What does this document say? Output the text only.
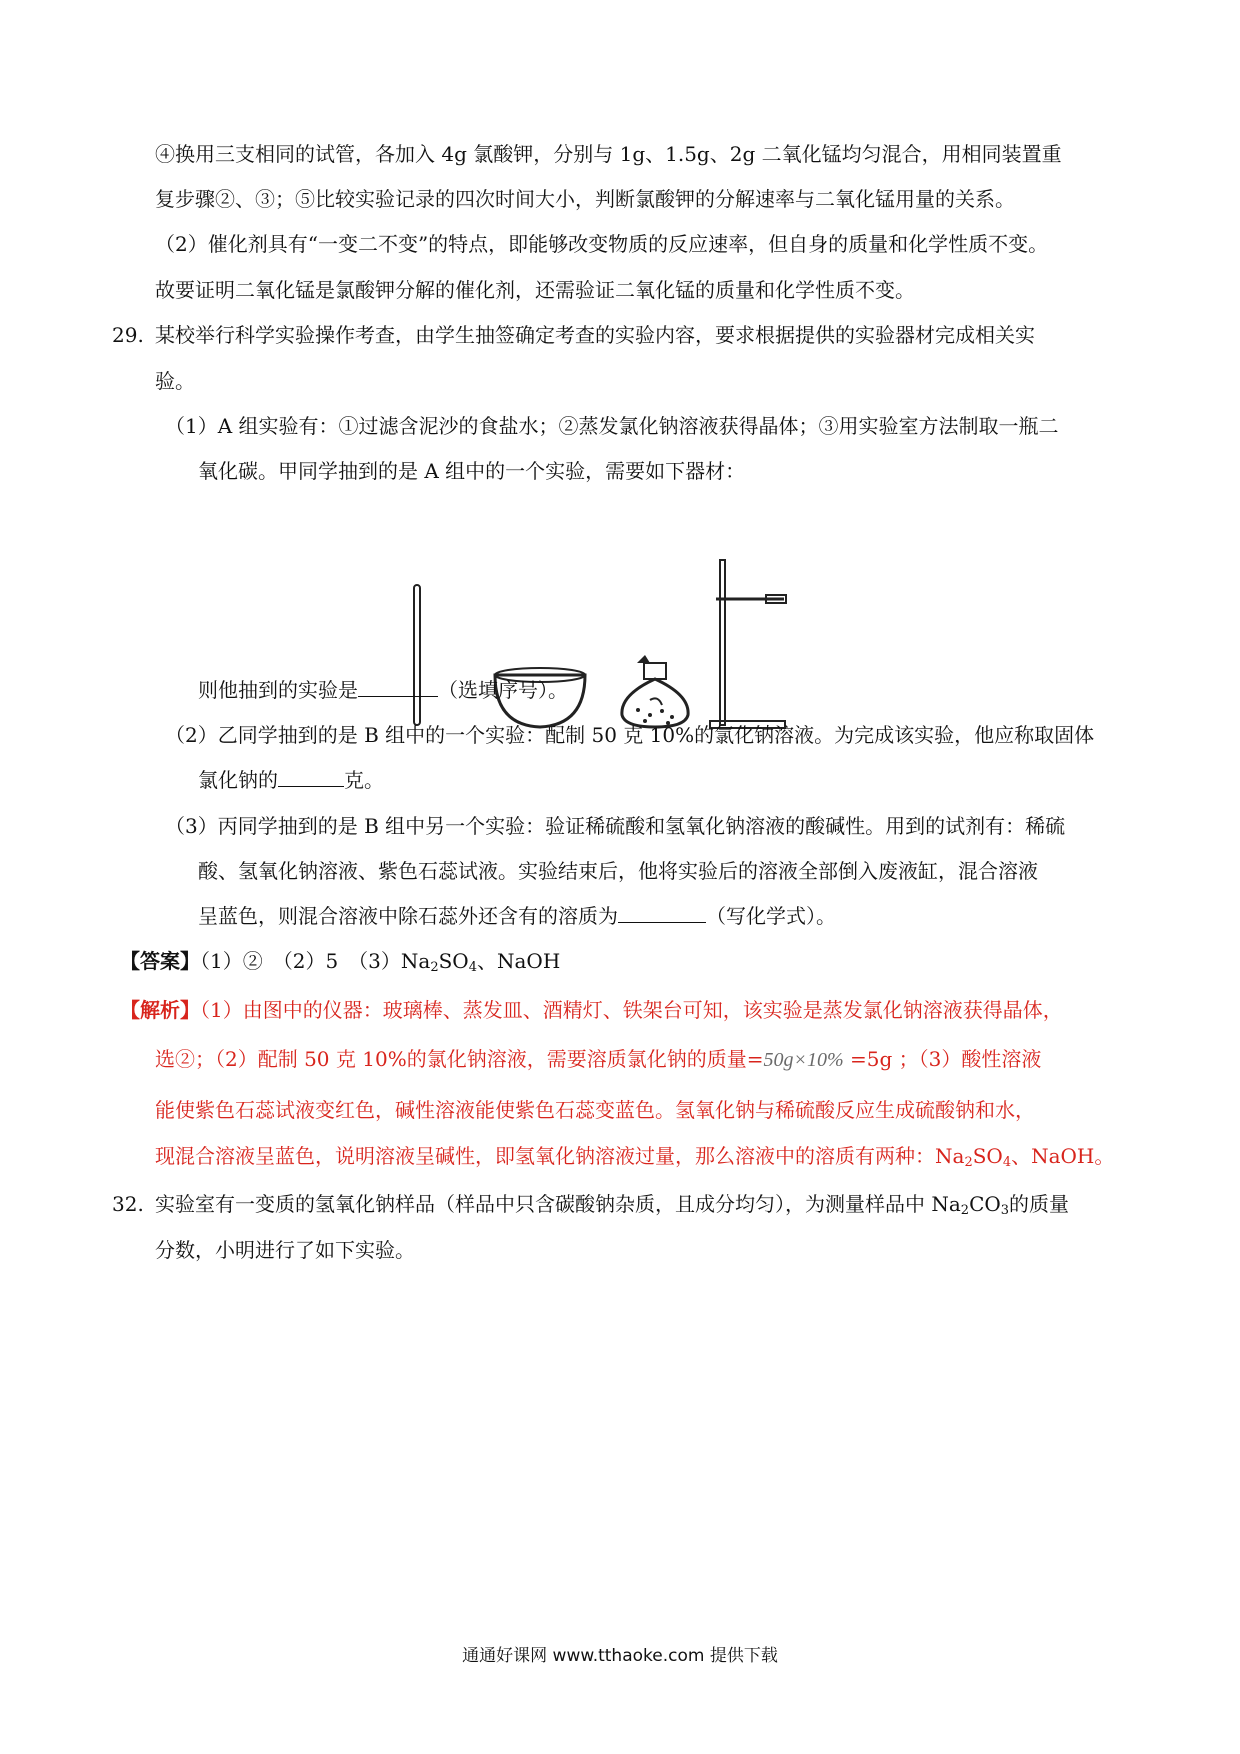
④换用三支相同的试管，各加入 4g 氯酸钾，分别与 1g、1.5g、2g 二氧化锰均匀混合，用相同装置重
复步骤②、③；⑤比较实验记录的四次时间大小，判断氯酸钾的分解速率与二氧化锰用量的关系。
（2）催化剂具有“一变二不变”的特点，即能够改变物质的反应速率，但自身的质量和化学性质不变。
故要证明二氧化锰是氯酸钾分解的催化剂，还需验证二氧化锰的质量和化学性质不变。
29. 某校举行科学实验操作考查，由学生抽签确定考查的实验内容，要求根据提供的实验器材完成相关实
验。
（1）A 组实验有：①过滤含泥沙的食盐水；②蒸发氯化钠溶液获得晶体；③用实验室方法制取一瓶二
氧化碳。甲同学抽到的是 A 组中的一个实验，需要如下器材：
则他抽到的实验是	（选填序号）。
（2）乙同学抽到的是 B 组中的一个实验：配制 50 克 10%的氯化钠溶液。为完成该实验，他应称取固体
氯化钠的	克。
（3）丙同学抽到的是 B 组中另一个实验：验证稀硫酸和氢氧化钠溶液的酸碱性。用到的试剂有：稀硫
酸、氢氧化钠溶液、紫色石蕊试液。实验结束后，他将实验后的溶液全部倒入废液缸，混合溶液
呈蓝色，则混合溶液中除石蕊外还含有的溶质为	（写化学式）。
【答案】（1）②　（2）5　$(3)Na_2SO_4$、NaOH
【解析】（1）由图中的仪器：玻璃棒、蒸发皿、酒精灯、铁架台可知，该实验是蒸发氯化钠溶液获得晶体，
选②；（2）配制 50 克 10%的氯化钠溶液，需要溶质氯化钠的质量=50g×10% =5g ；（3）酸性溶液
能使紫色石蕊试液变红色，碱性溶液能使紫色石蕊变蓝色。氢氧化钠与稀硫酸反应生成硫酸钠和水，
现混合溶液呈蓝色，说明溶液呈碱性，即氢氧化钠溶液过量，那么溶液中的溶质有两种：$Na_2SO_4$、NaOH。
32. 实验室有一变质的氢氧化钠样品（样品中只含碳酸钠杂质，且成分均匀），为测量样品中 $Na_2CO_3$的质量
分数，小明进行了如下实验。
通通好课网 www.tthaoke.com 提供下载
